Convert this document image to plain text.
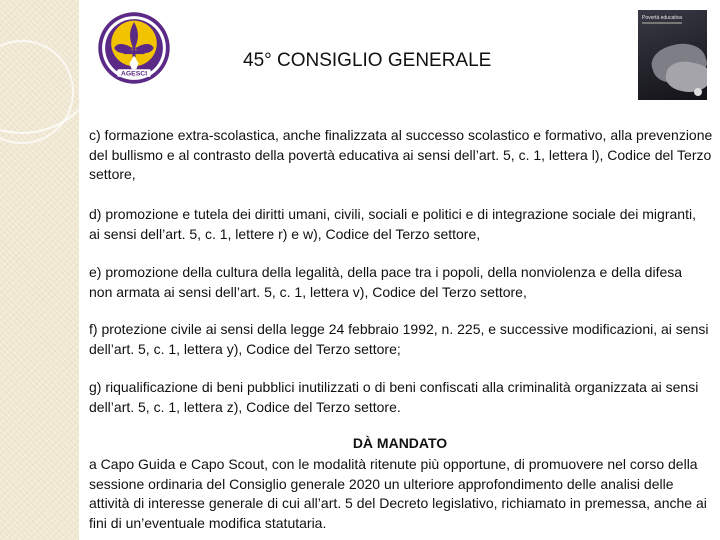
AGESCI
45° CONSIGLIO GENERALE
Povertà educativa

c) formazione extra-scolastica, anche finalizzata al successo scolastico e formativo, alla prevenzione del bullismo e al contrasto della povertà educativa ai sensi dell’art. 5, c. 1, lettera l), Codice del Terzo settore,

d) promozione e tutela dei diritti umani, civili, sociali e politici e di integrazione sociale dei migranti, ai sensi dell’art. 5, c. 1, lettere r) e w), Codice del Terzo settore,

e) promozione della cultura della legalità, della pace tra i popoli, della nonviolenza e della difesa non armata ai sensi dell’art. 5, c. 1, lettera v), Codice del Terzo settore,

f) protezione civile ai sensi della legge 24 febbraio 1992, n. 225, e successive modificazioni, ai sensi dell’art. 5, c. 1, lettera y), Codice del Terzo settore;

g) riqualificazione di beni pubblici inutilizzati o di beni confiscati alla criminalità organizzata ai sensi dell’art. 5, c. 1, lettera z), Codice del Terzo settore.

DÀ MANDATO

a Capo Guida e Capo Scout, con le modalità ritenute più opportune, di promuovere nel corso della sessione ordinaria del Consiglio generale 2020 un ulteriore approfondimento delle analisi delle attività di interesse generale di cui all’art. 5 del Decreto legislativo, richiamato in premessa, anche ai fini di un’eventuale modifica statutaria.
